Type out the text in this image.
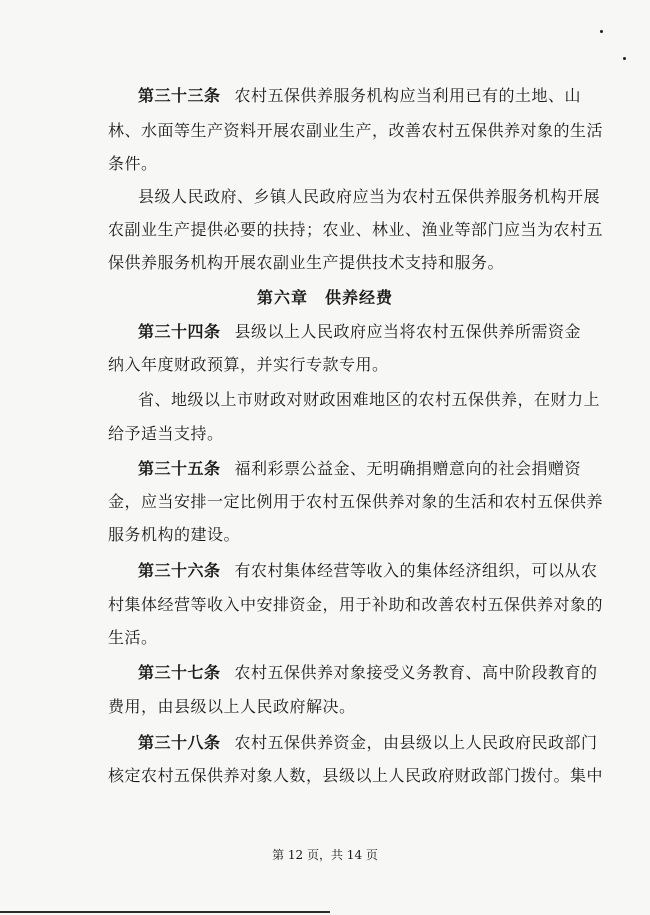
第三十三条 农村五保供养服务机构应当利用已有的土地、山
林、水面等生产资料开展农副业生产，改善农村五保供养对象的生活
条件。
县级人民政府、乡镇人民政府应当为农村五保供养服务机构开展
农副业生产提供必要的扶持；农业、林业、渔业等部门应当为农村五
保供养服务机构开展农副业生产提供技术支持和服务。
第六章　供养经费
第三十四条 县级以上人民政府应当将农村五保供养所需资金
纳入年度财政预算，并实行专款专用。
省、地级以上市财政对财政困难地区的农村五保供养，在财力上
给予适当支持。
第三十五条 福利彩票公益金、无明确捐赠意向的社会捐赠资
金，应当安排一定比例用于农村五保供养对象的生活和农村五保供养
服务机构的建设。
第三十六条 有农村集体经营等收入的集体经济组织，可以从农
村集体经营等收入中安排资金，用于补助和改善农村五保供养对象的
生活。
第三十七条 农村五保供养对象接受义务教育、高中阶段教育的
费用，由县级以上人民政府解决。
第三十八条 农村五保供养资金，由县级以上人民政府民政部门
核定农村五保供养对象人数，县级以上人民政府财政部门拨付。集中
第 12 页，共 14 页
